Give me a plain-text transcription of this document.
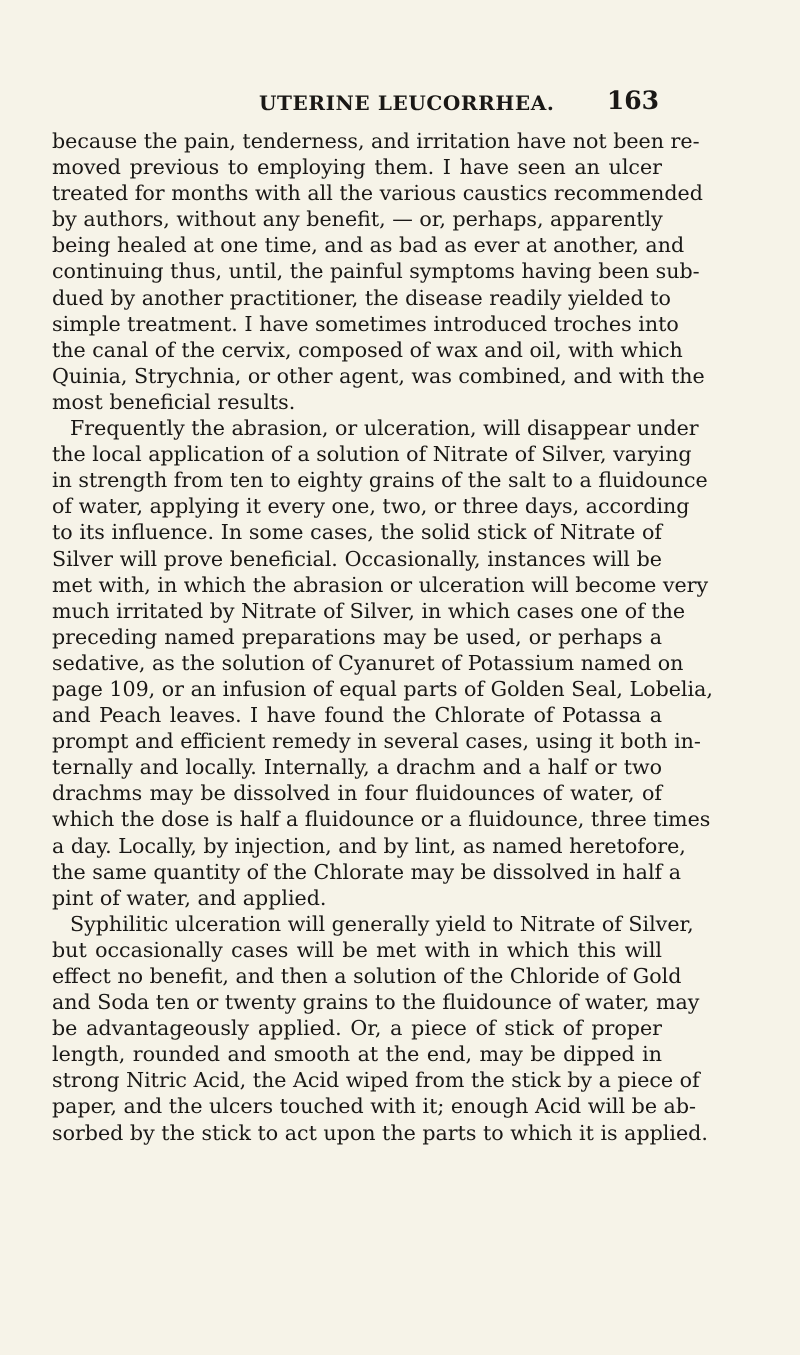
UTERINE LEUCORRHEA. 163
because the pain, tenderness, and irritation have not been re-
moved previous to employing them. I have seen an ulcer
treated for months with all the various caustics recommended
by authors, without any benefit, — or, perhaps, apparently
being healed at one time, and as bad as ever at another, and
continuing thus, until, the painful symptoms having been sub-
dued by another practitioner, the disease readily yielded to
simple treatment. I have sometimes introduced troches into
the canal of the cervix, composed of wax and oil, with which
Quinia, Strychnia, or other agent, was combined, and with the
most beneficial results.
Frequently the abrasion, or ulceration, will disappear under
the local application of a solution of Nitrate of Silver, varying
in strength from ten to eighty grains of the salt to a fluidounce
of water, applying it every one, two, or three days, according
to its influence. In some cases, the solid stick of Nitrate of
Silver will prove beneficial. Occasionally, instances will be
met with, in which the abrasion or ulceration will become very
much irritated by Nitrate of Silver, in which cases one of the
preceding named preparations may be used, or perhaps a
sedative, as the solution of Cyanuret of Potassium named on
page 109, or an infusion of equal parts of Golden Seal, Lobelia,
and Peach leaves. I have found the Chlorate of Potassa a
prompt and efficient remedy in several cases, using it both in-
ternally and locally. Internally, a drachm and a half or two
drachms may be dissolved in four fluidounces of water, of
which the dose is half a fluidounce or a fluidounce, three times
a day. Locally, by injection, and by lint, as named heretofore,
the same quantity of the Chlorate may be dissolved in half a
pint of water, and applied.
Syphilitic ulceration will generally yield to Nitrate of Silver,
but occasionally cases will be met with in which this will
effect no benefit, and then a solution of the Chloride of Gold
and Soda ten or twenty grains to the fluidounce of water, may
be advantageously applied. Or, a piece of stick of proper
length, rounded and smooth at the end, may be dipped in
strong Nitric Acid, the Acid wiped from the stick by a piece of
paper, and the ulcers touched with it; enough Acid will be ab-
sorbed by the stick to act upon the parts to which it is applied.
